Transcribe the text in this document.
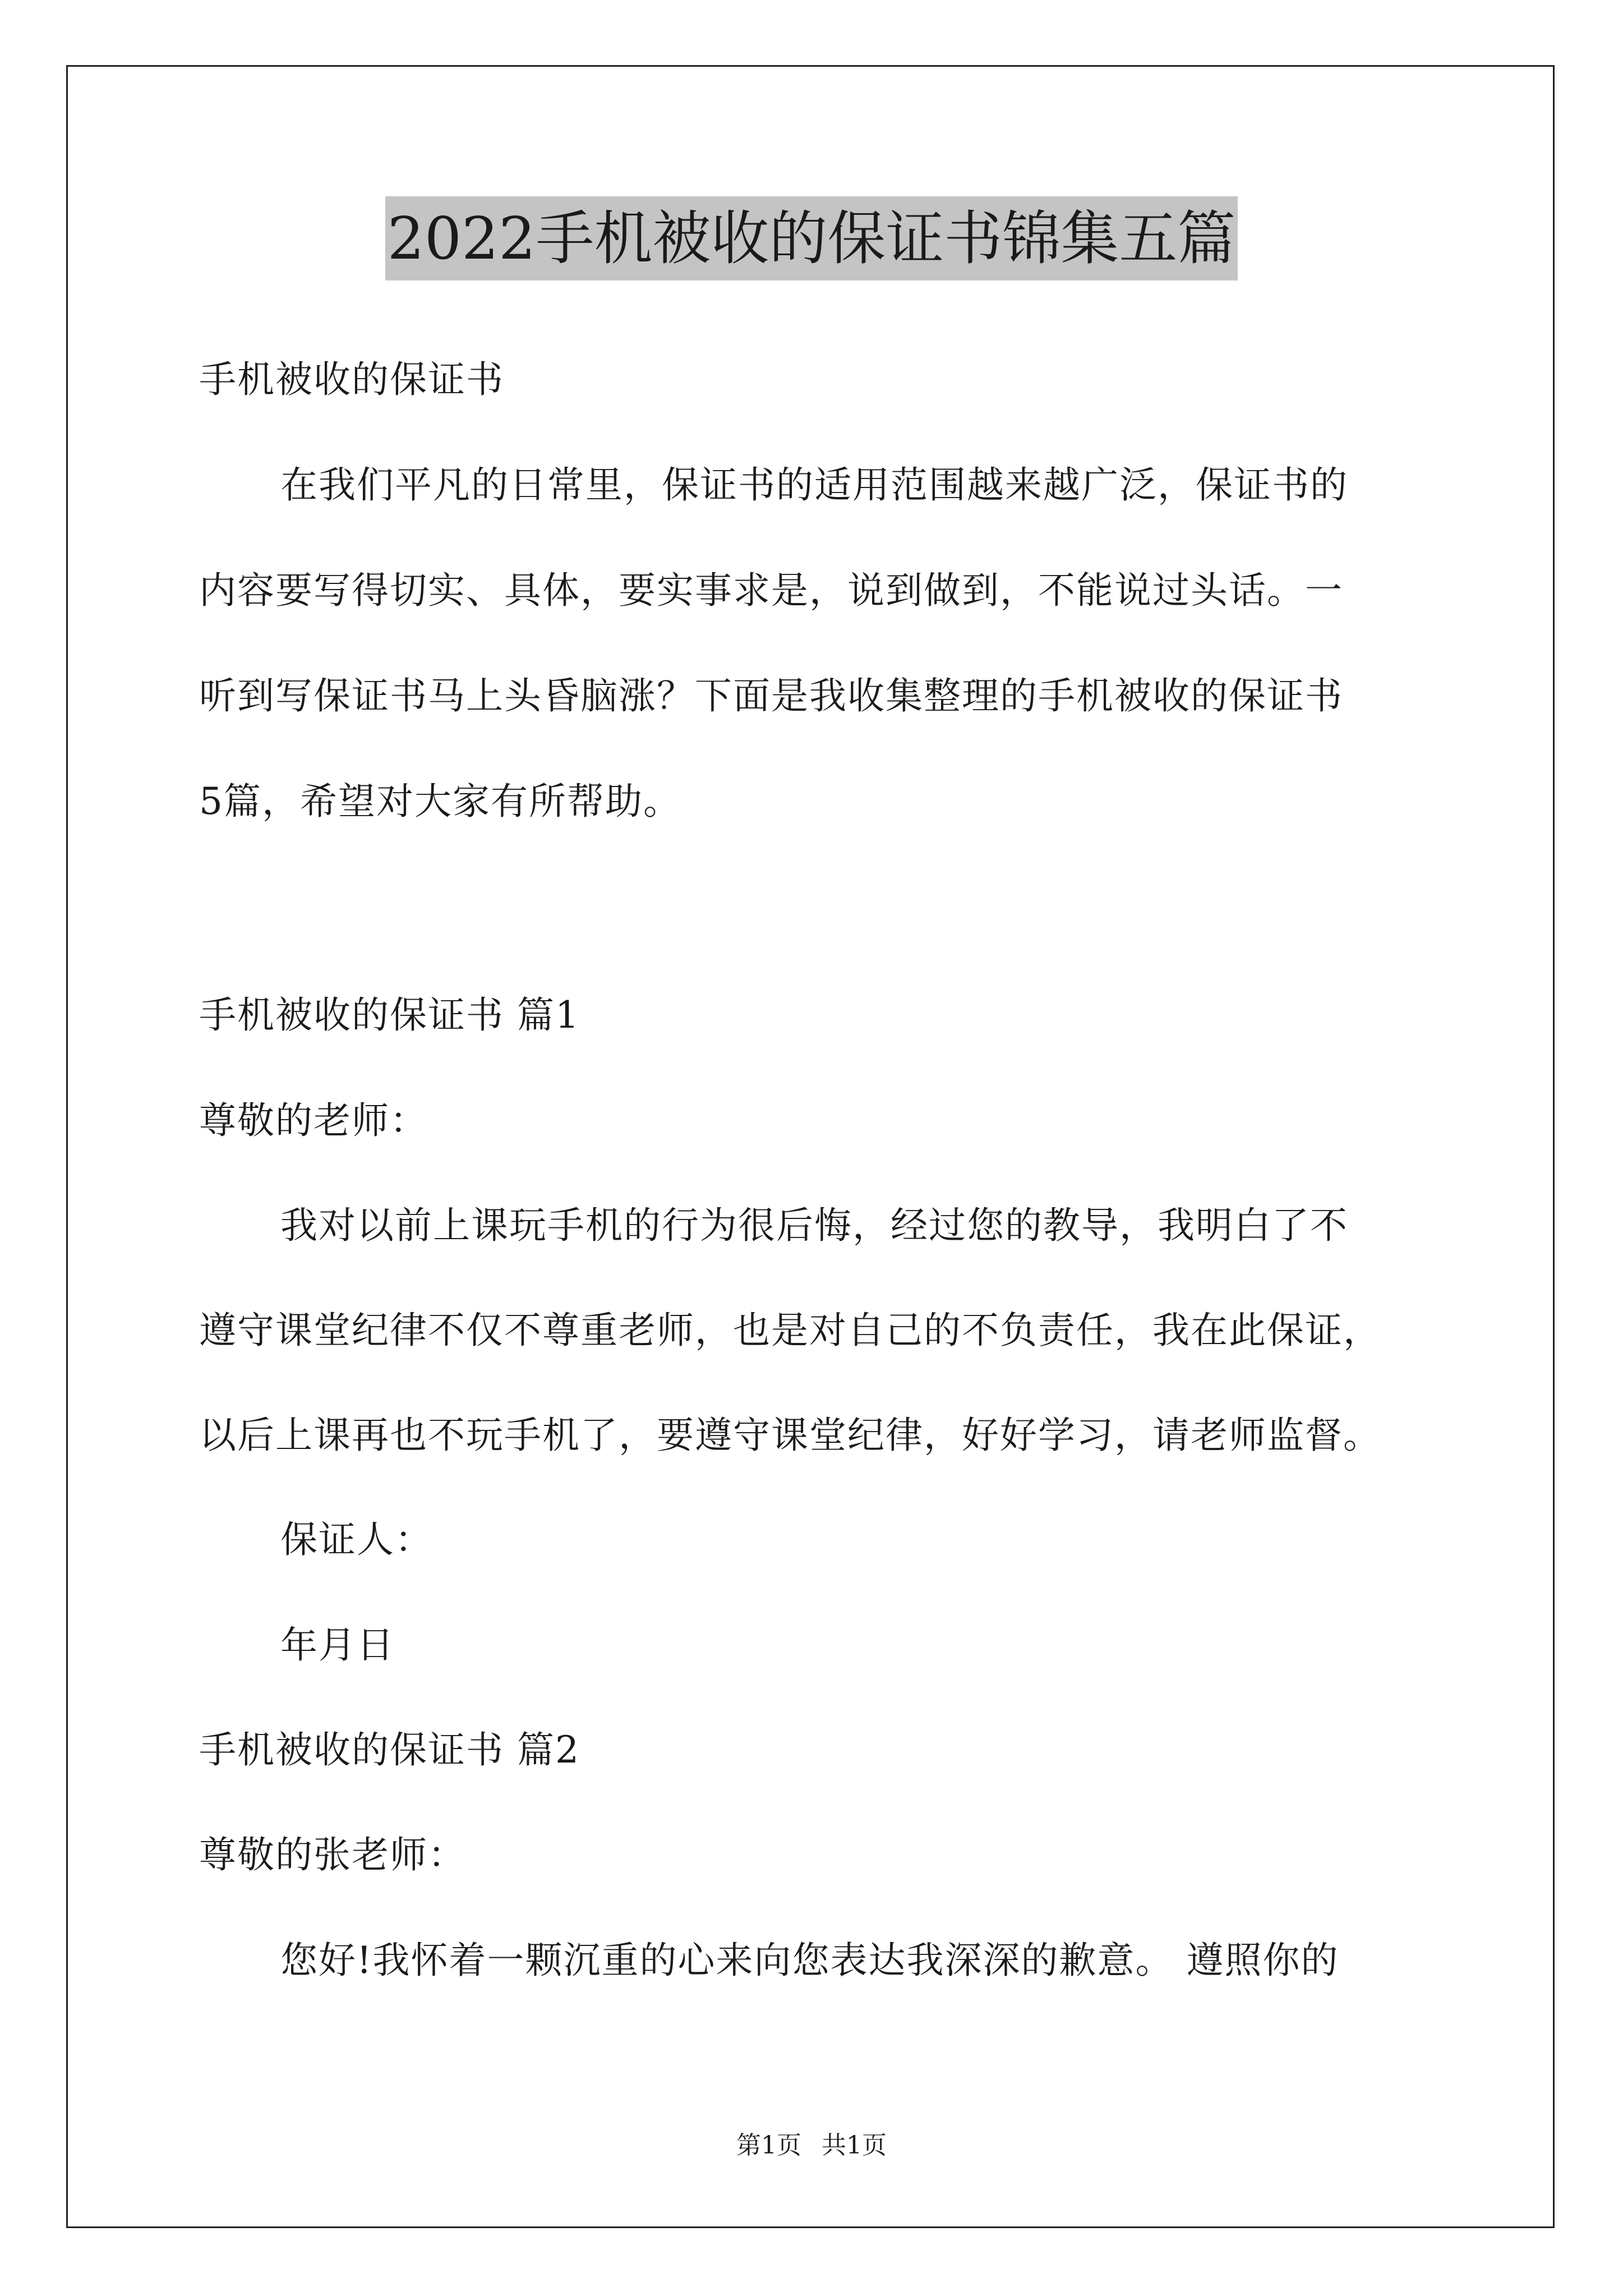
2022手机被收的保证书锦集五篇
手机被收的保证书
在我们平凡的日常里，保证书的适用范围越来越广泛，保证书的
内容要写得切实、具体，要实事求是，说到做到，不能说过头话。一
听到写保证书马上头昏脑涨？下面是我收集整理的手机被收的保证书
5篇，希望对大家有所帮助。
手机被收的保证书 篇1
尊敬的老师：
我对以前上课玩手机的行为很后悔，经过您的教导，我明白了不
遵守课堂纪律不仅不尊重老师，也是对自己的不负责任，我在此保证，
以后上课再也不玩手机了，要遵守课堂纪律，好好学习，请老师监督。
保证人：
年月日
手机被收的保证书 篇2
尊敬的张老师：
您好!我怀着一颗沉重的心来向您表达我深深的歉意。 遵照你的
第1页 共1页
